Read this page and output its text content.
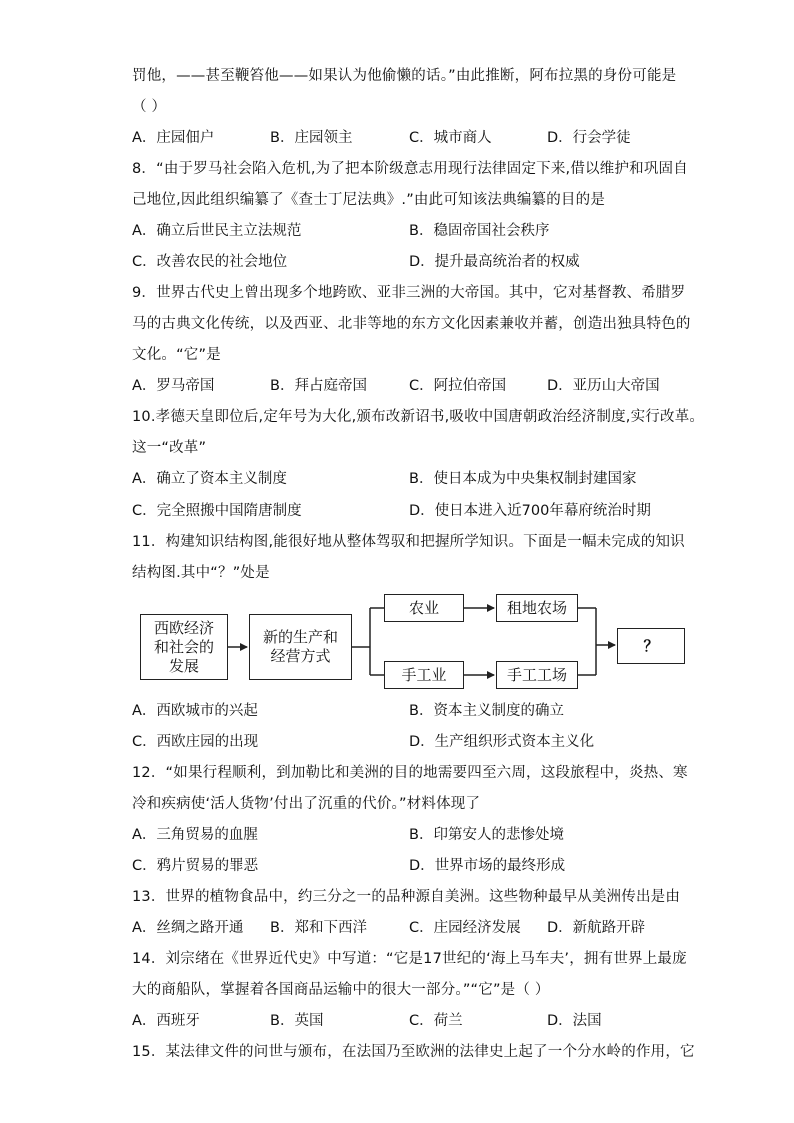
罚他，——甚至鞭笞他——如果认为他偷懒的话。”由此推断，阿布拉黑的身份可能是
（ ）
A．庄园佃户	B．庄园领主	C．城市商人	D．行会学徒
8．“由于罗马社会陷入危机,为了把本阶级意志用现行法律固定下来,借以维护和巩固自
己地位,因此组织编纂了《查士丁尼法典》.”由此可知该法典编纂的目的是
A．确立后世民主立法规范	B．稳固帝国社会秩序
C．改善农民的社会地位	D．提升最高统治者的权威
9．世界古代史上曾出现多个地跨欧、亚非三洲的大帝国。其中，它对基督教、希腊罗
马的古典文化传统，以及西亚、北非等地的东方文化因素兼收并蓄，创造出独具特色的
文化。“它”是
A．罗马帝国	B．拜占庭帝国	C．阿拉伯帝国	D．亚历山大帝国
10.孝德天皇即位后,定年号为大化,颁布改新诏书,吸收中国唐朝政治经济制度,实行改革。
这一“改革”
A．确立了资本主义制度	B．使日本成为中央集权制封建国家
C．完全照搬中国隋唐制度	D．使日本进入近700年幕府统治时期
11．构建知识结构图,能很好地从整体驾驭和把握所学知识。下面是一幅未完成的知识
结构图.其中“？”处是
西欧经济
和社会的
发展
新的生产和
经营方式
农业	租地农场
手工业	手工工场
？
A．西欧城市的兴起	B．资本主义制度的确立
C．西欧庄园的出现	D．生产组织形式资本主义化
12．“如果行程顺利，到加勒比和美洲的目的地需要四至六周，这段旅程中，炎热、寒
冷和疾病使‘活人货物’付出了沉重的代价。”材料体现了
A．三角贸易的血腥	B．印第安人的悲惨处境
C．鸦片贸易的罪恶	D．世界市场的最终形成
13．世界的植物食品中，约三分之一的品种源自美洲。这些物种最早从美洲传出是由
A．丝绸之路开通 B．郑和下西洋	C．庄园经济发展 D．新航路开辟
14．刘宗绪在《世界近代史》中写道：“它是17世纪的‘海上马车夫’，拥有世界上最庞
大的商船队，掌握着各国商品运输中的很大一部分。”“它”是（ ）
A．西班牙	B．英国	C．荷兰	D．法国
15．某法律文件的问世与颁布，在法国乃至欧洲的法律史上起了一个分水岭的作用，它
